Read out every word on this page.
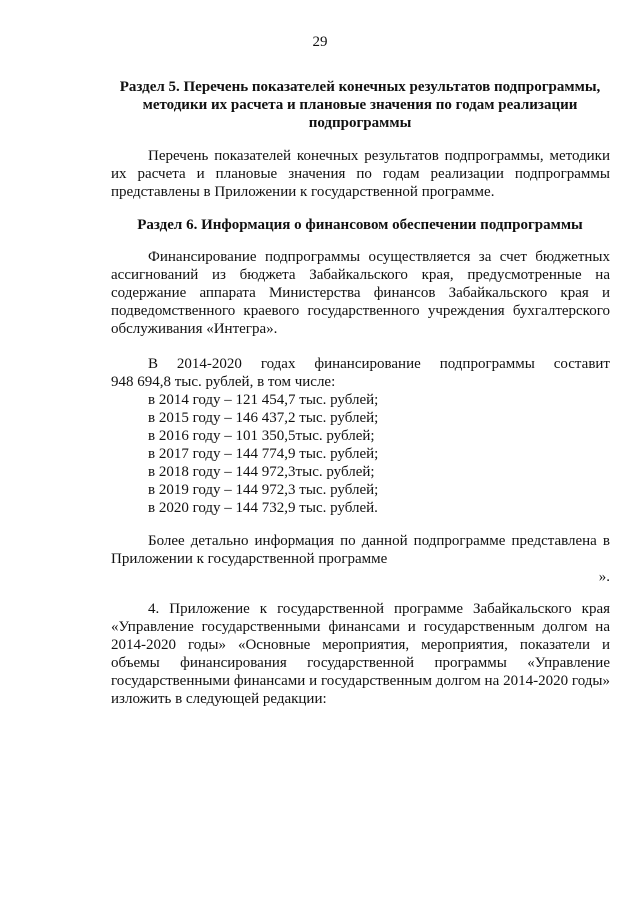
29
Раздел 5. Перечень показателей конечных результатов подпрограммы,
методики их расчета и плановые значения по годам реализации
подпрограммы
Перечень показателей конечных результатов подпрограммы, методики их расчета и плановые значения по годам реализации подпрограммы представлены в Приложении к государственной программе.
Раздел 6. Информация о финансовом обеспечении подпрограммы
Финансирование подпрограммы осуществляется за счет бюджетных ассигнований из бюджета Забайкальского края, предусмотренные на содержание аппарата Министерства финансов Забайкальского края и подведомственного краевого государственного учреждения бухгалтерского обслуживания «Интегра».
В 2014-2020 годах финансирование подпрограммы составит
948 694,8 тыс. рублей, в том числе:
в 2014 году – 121 454,7 тыс. рублей;
в 2015 году – 146 437,2 тыс. рублей;
в 2016 году – 101 350,5тыс. рублей;
в 2017 году – 144 774,9 тыс. рублей;
в 2018 году – 144 972,3тыс. рублей;
в 2019 году – 144 972,3 тыс. рублей;
в 2020 году – 144 732,9 тыс. рублей.
Более детально информация по данной подпрограмме представлена в Приложении к государственной программе
».
4. Приложение к государственной программе Забайкальского края «Управление государственными финансами и государственным долгом на 2014-2020 годы» «Основные мероприятия, мероприятия, показатели и объемы финансирования государственной программы «Управление государственными финансами и государственным долгом на 2014-2020 годы» изложить в следующей редакции:
